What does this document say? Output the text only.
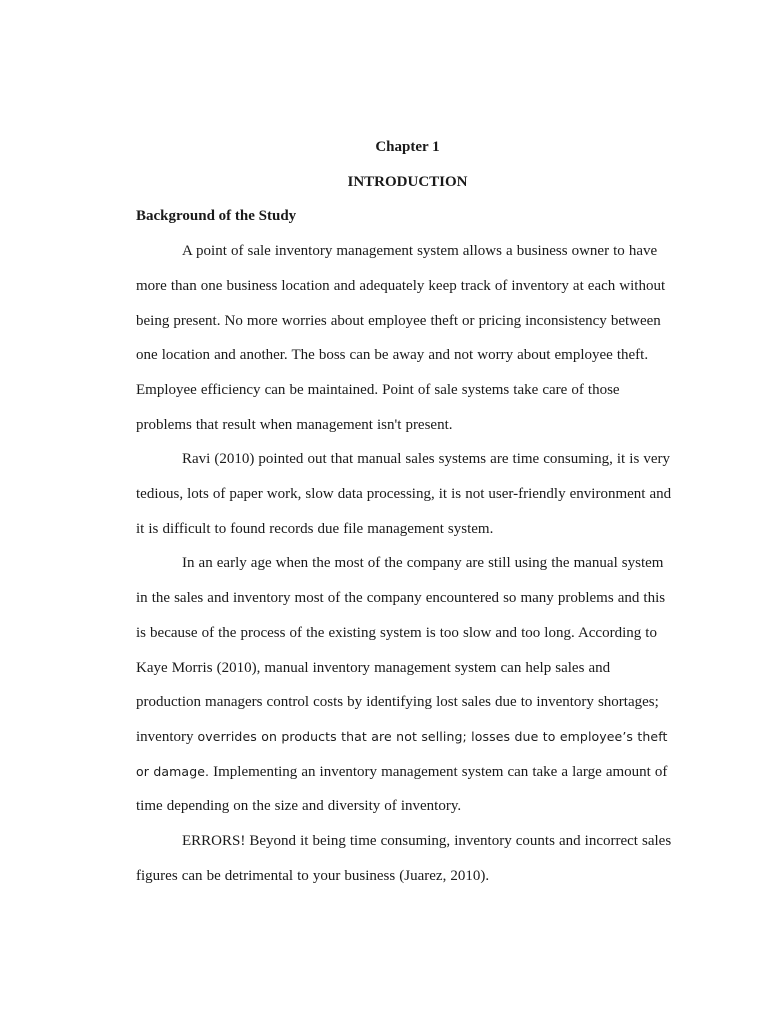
Chapter 1
INTRODUCTION
Background of the Study

A point of sale inventory management system allows a business owner to have more than one business location and adequately keep track of inventory at each without being present. No more worries about employee theft or pricing inconsistency between one location and another. The boss can be away and not worry about employee theft. Employee efficiency can be maintained. Point of sale systems take care of those problems that result when management isn't present.

Ravi (2010) pointed out that manual sales systems are time consuming, it is very tedious, lots of paper work, slow data processing, it is not user-friendly environment and it is difficult to found records due file management system.

In an early age when the most of the company are still using the manual system in the sales and inventory most of the company encountered so many problems and this is because of the process of the existing system is too slow and too long. According to Kaye Morris (2010), manual inventory management system can help sales and production managers control costs by identifying lost sales due to inventory shortages; inventory overrides on products that are not selling; losses due to employee’s theft or damage. Implementing an inventory management system can take a large amount of time depending on the size and diversity of inventory.

ERRORS! Beyond it being time consuming, inventory counts and incorrect sales figures can be detrimental to your business (Juarez, 2010).
